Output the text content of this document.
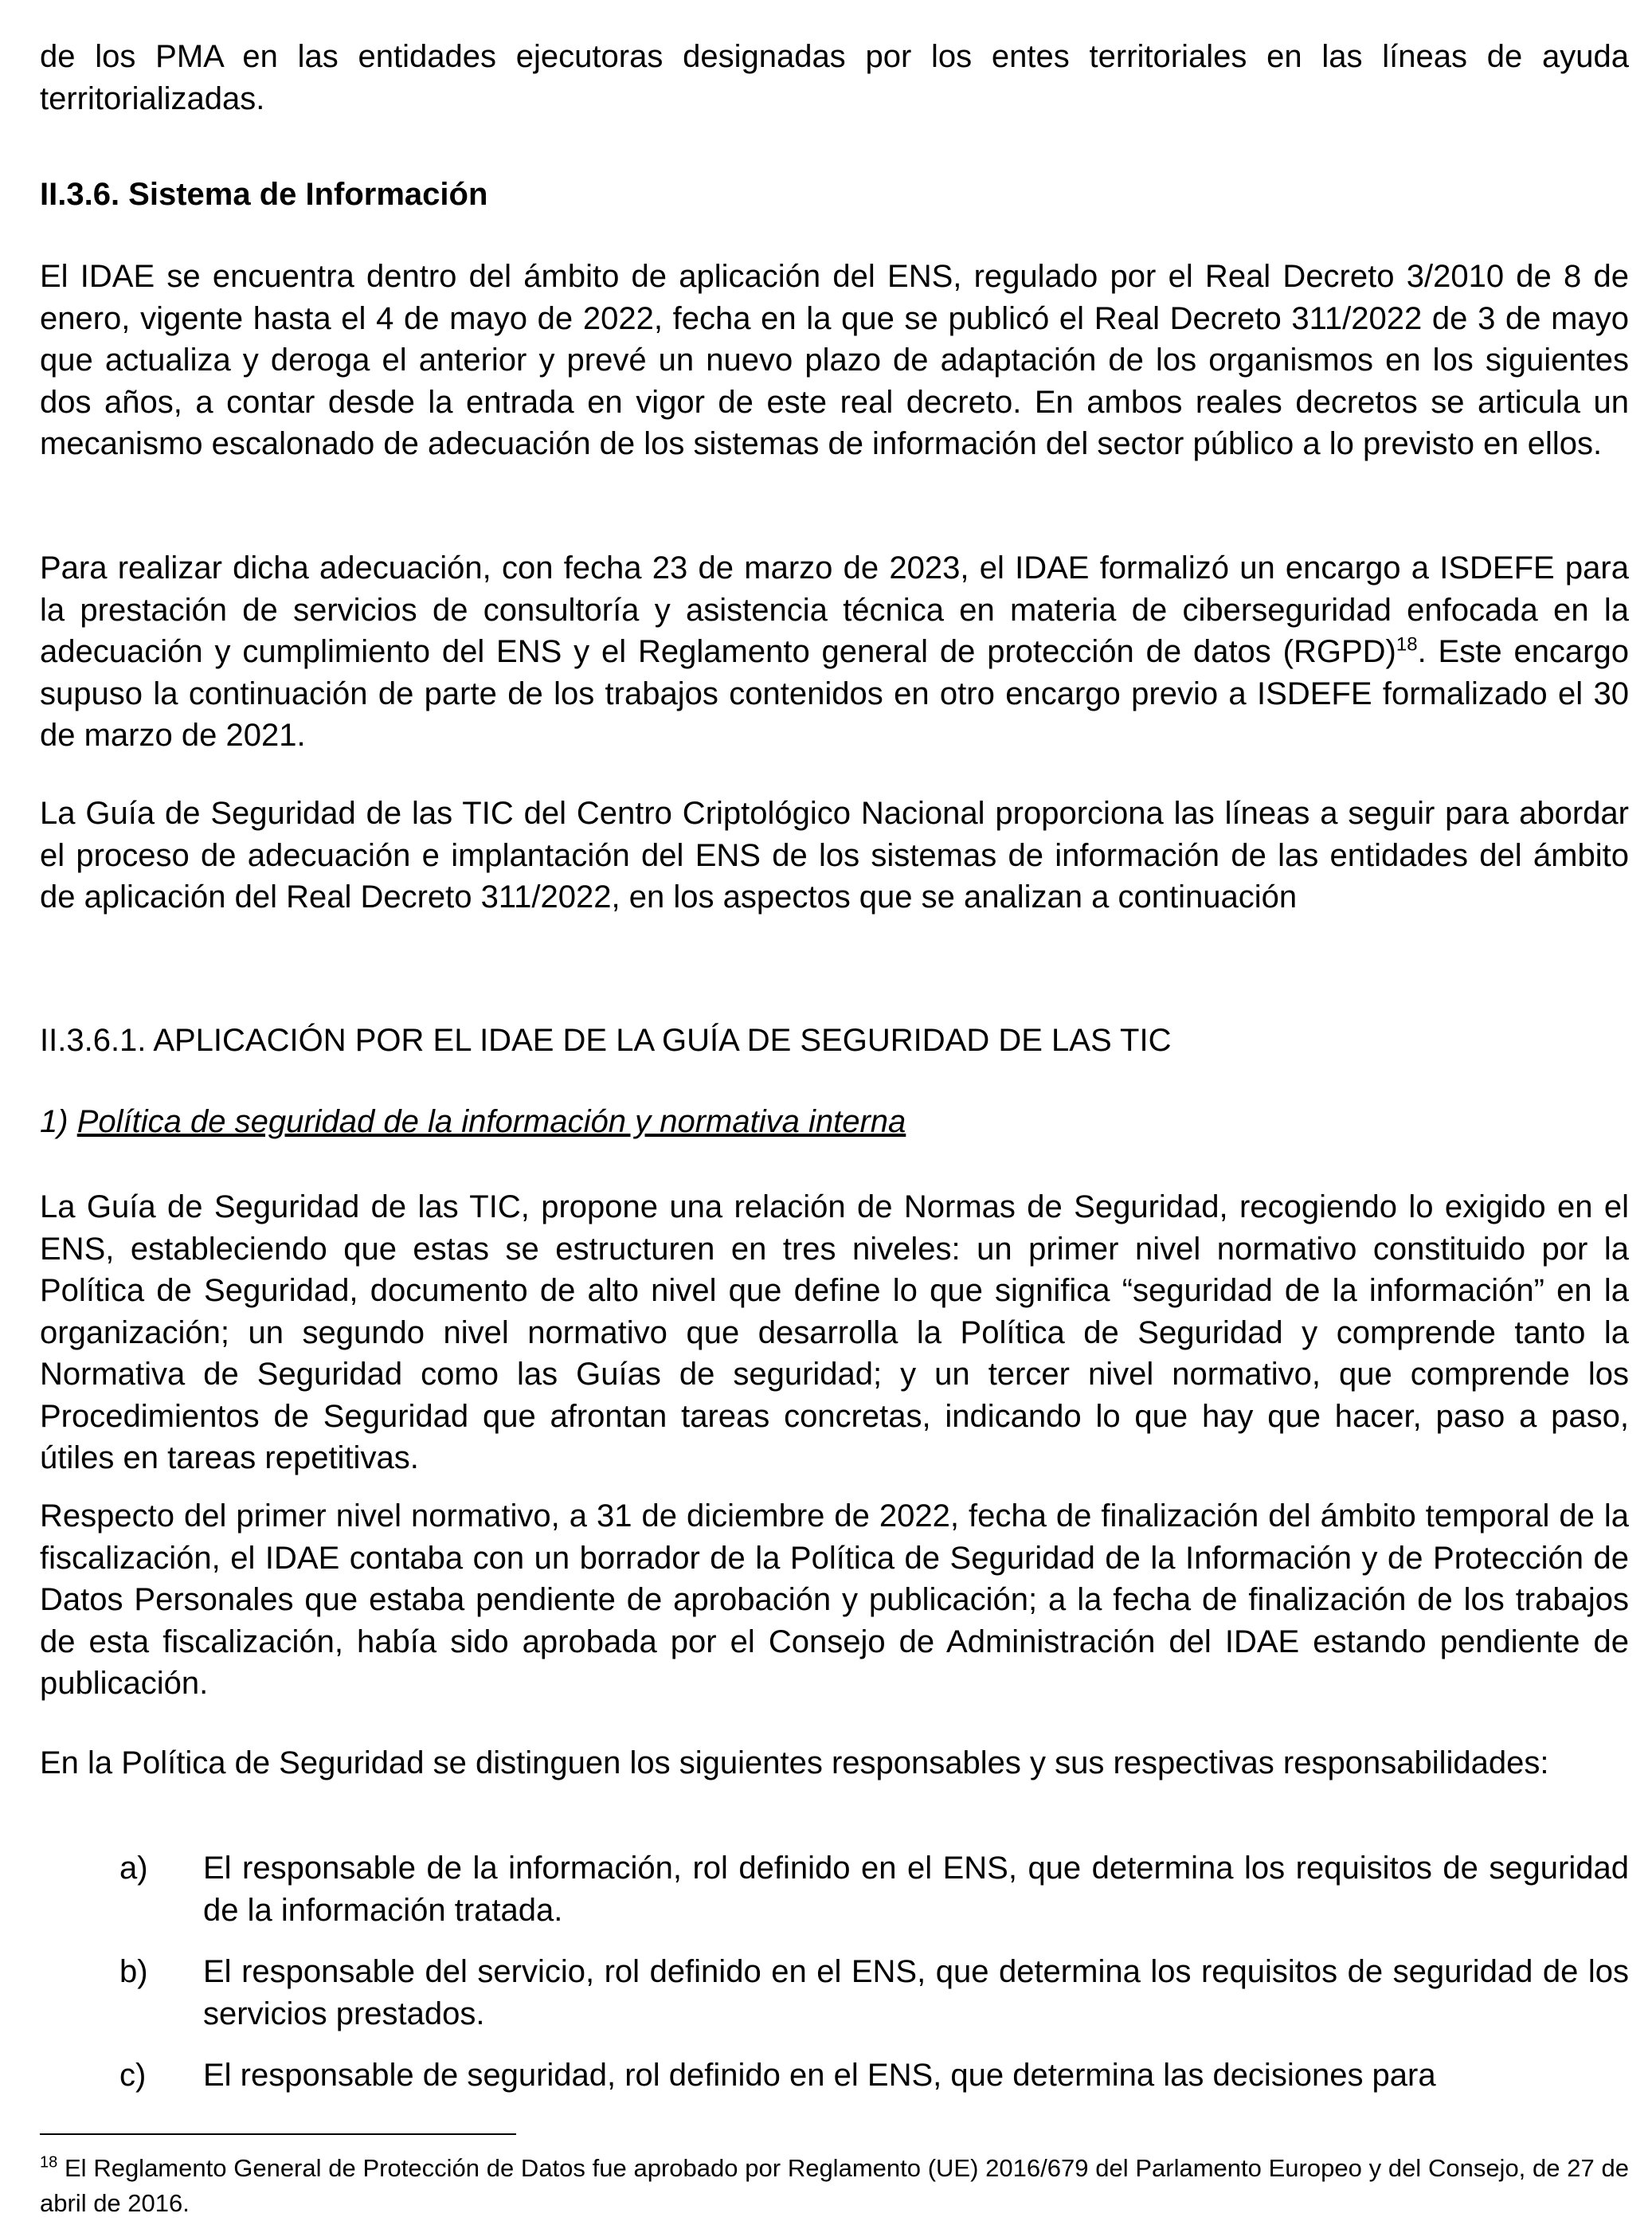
de los PMA en las entidades ejecutoras designadas por los entes territoriales en las líneas de ayuda territorializadas.

II.3.6. Sistema de Información
El IDAE se encuentra dentro del ámbito de aplicación del ENS, regulado por el Real Decreto 3/2010 de 8 de enero, vigente hasta el 4 de mayo de 2022, fecha en la que se publicó el Real Decreto 311/2022 de 3 de mayo que actualiza y deroga el anterior y prevé un nuevo plazo de adaptación de los organismos en los siguientes dos años, a contar desde la entrada en vigor de este real decreto. En ambos reales decretos se articula un mecanismo escalonado de adecuación de los sistemas de información del sector público a lo previsto en ellos.
Para realizar dicha adecuación, con fecha 23 de marzo de 2023, el IDAE formalizó un encargo a ISDEFE para la prestación de servicios de consultoría y asistencia técnica en materia de ciberseguridad enfocada en la adecuación y cumplimiento del ENS y el Reglamento general de protección de datos (RGPD)$^{18}$. Este encargo supuso la continuación de parte de los trabajos contenidos en otro encargo previo a ISDEFE formalizado el 30 de marzo de 2021.
La Guía de Seguridad de las TIC del Centro Criptológico Nacional proporciona las líneas a seguir para abordar el proceso de adecuación e implantación del ENS de los sistemas de información de las entidades del ámbito de aplicación del Real Decreto 311/2022, en los aspectos que se analizan a continuación
II.3.6.1. APLICACIÓN POR EL IDAE DE LA GUÍA DE SEGURIDAD DE LAS TIC
1) Política de seguridad de la información y normativa interna
La Guía de Seguridad de las TIC, propone una relación de Normas de Seguridad, recogiendo lo exigido en el ENS, estableciendo que estas se estructuren en tres niveles: un primer nivel normativo constituido por la Política de Seguridad, documento de alto nivel que define lo que significa “seguridad de la información” en la organización; un segundo nivel normativo que desarrolla la Política de Seguridad y comprende tanto la Normativa de Seguridad como las Guías de seguridad; y un tercer nivel normativo, que comprende los Procedimientos de Seguridad que afrontan tareas concretas, indicando lo que hay que hacer, paso a paso, útiles en tareas repetitivas.
Respecto del primer nivel normativo, a 31 de diciembre de 2022, fecha de finalización del ámbito temporal de la fiscalización, el IDAE contaba con un borrador de la Política de Seguridad de la Información y de Protección de Datos Personales que estaba pendiente de aprobación y publicación; a la fecha de finalización de los trabajos de esta fiscalización, había sido aprobada por el Consejo de Administración del IDAE estando pendiente de publicación.
En la Política de Seguridad se distinguen los siguientes responsables y sus respectivas responsabilidades:
a) El responsable de la información, rol definido en el ENS, que determina los requisitos de seguridad de la información tratada.
b) El responsable del servicio, rol definido en el ENS, que determina los requisitos de seguridad de los servicios prestados.
c) El responsable de seguridad, rol definido en el ENS, que determina las decisiones para
$^{18}$ El Reglamento General de Protección de Datos fue aprobado por Reglamento (UE) 2016/679 del Parlamento Europeo y del Consejo, de 27 de abril de 2016.
